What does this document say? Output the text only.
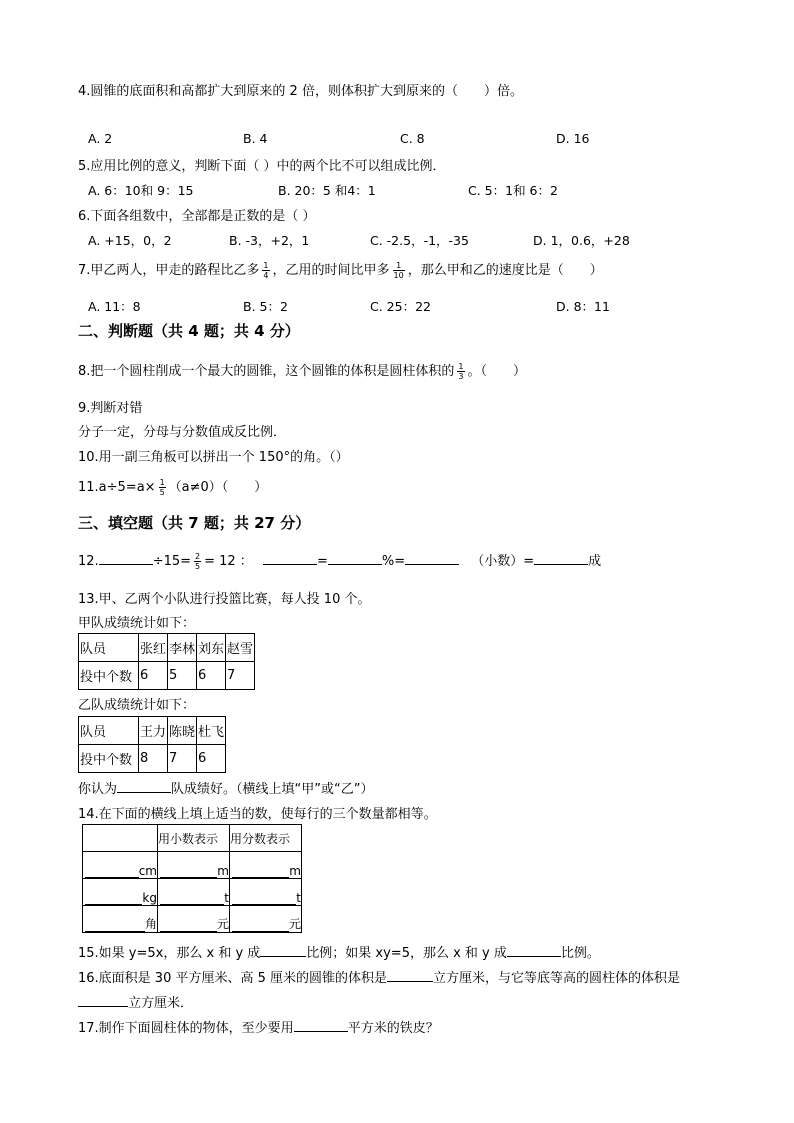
4.圆锥的底面积和高都扩大到原来的 2 倍，则体积扩大到原来的（　　）倍。
A. 2	B. 4	C. 8	D. 16
5.应用比例的意义，判断下面（ ）中的两个比不可以组成比例．
A. 6：10和 9：15	B. 20：5 和4：1	C. 5：1和 6：2
6.下面各组数中，全部都是正数的是（ ）
A. +15，0，2	B. -3，+2，1	C. -2.5，-1，-35	D. 1，0.6，+28
7.甲乙两人，甲走的路程比乙多 $\frac{1}{4}$ ，乙用的时间比甲多 $\frac{1}{10}$ ，那么甲和乙的速度比是（　　）
A. 11：8	B. 5：2	C. 25：22	D. 8：11
二、判断题（共 4 题；共 4 分）
8.把一个圆柱削成一个最大的圆锥，这个圆锥的体积是圆柱体积的 $\frac{1}{3}$ 。（　　）
9.判断对错
分子一定，分母与分数值成反比例．
10.用一副三角板可以拼出一个 150°的角。（）
$11.a\div 5=a\times \frac{1}{5} (a\ne 0)$（　　）
三、填空题（共 7 题；共 27 分）
12.	$\div 15= \frac{2}{5} = 12$ ：	=	%=	（小数）=	成
13.甲、乙两个小队进行投篮比赛，每人投 10 个。
甲队成绩统计如下：
队员	张红	李林	刘东	赵雪
投中个数	6	5	6	7
乙队成绩统计如下：
队员	王力	陈晓	杜飞
投中个数	8	7	6
你认为	队成绩好。（横线上填“甲”或“乙”）
14.在下面的横线上填上适当的数，使每行的三个数量都相等。
	用小数表示	用分数表示

cm	m	m

kg	t	t

角	元	元
15.如果 y=5x，那么 x 和 y 成	比例；如果 xy=5，那么 x 和 y 成	比例。
16.底面积是 30 平方厘米、高 5 厘米的圆锥的体积是	立方厘米，与它等底等高的圆柱体的体积是
立方厘米．
17.制作下面圆柱体的物体，至少要用	平方米的铁皮？
